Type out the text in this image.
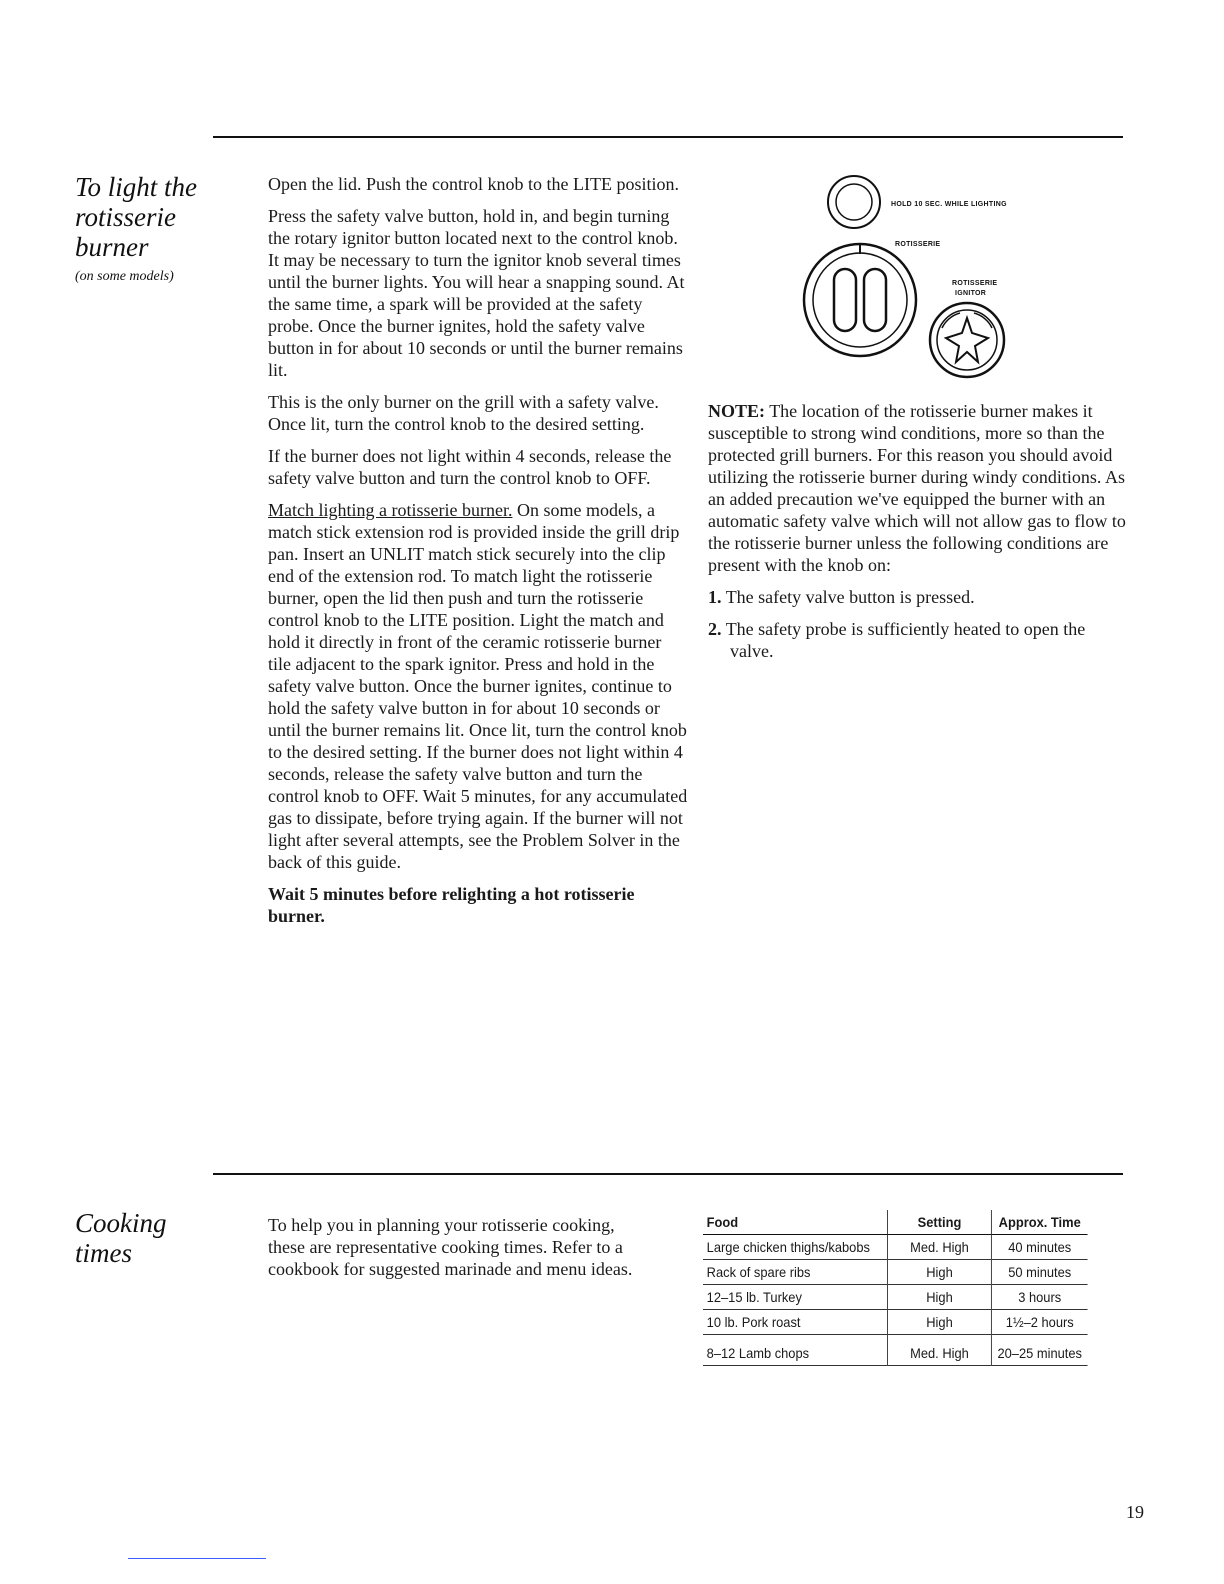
To light the
rotisserie
burner
(on some models)

Open the lid. Push the control knob to the LITE position.

Press the safety valve button, hold in, and begin turning the rotary ignitor button located next to the control knob. It may be necessary to turn the ignitor knob several times until the burner lights. You will hear a snapping sound. At the same time, a spark will be provided at the safety probe. Once the burner ignites, hold the safety valve button in for about 10 seconds or until the burner remains lit.

This is the only burner on the grill with a safety valve. Once lit, turn the control knob to the desired setting.

If the burner does not light within 4 seconds, release the safety valve button and turn the control knob to OFF.

Match lighting a rotisserie burner. On some models, a match stick extension rod is provided inside the grill drip pan. Insert an UNLIT match stick securely into the clip end of the extension rod. To match light the rotisserie burner, open the lid then push and turn the rotisserie control knob to the LITE position. Light the match and hold it directly in front of the ceramic rotisserie burner tile adjacent to the spark ignitor. Press and hold in the safety valve button. Once the burner ignites, continue to hold the safety valve button in for about 10 seconds or until the burner remains lit. Once lit, turn the control knob to the desired setting. If the burner does not light within 4 seconds, release the safety valve button and turn the control knob to OFF. Wait 5 minutes, for any accumulated gas to dissipate, before trying again. If the burner will not light after several attempts, see the Problem Solver in the back of this guide.

Wait 5 minutes before relighting a hot rotisserie burner.

HOLD 10 SEC. WHILE LIGHTING
ROTISSERIE
ROTISSERIE
IGNITOR

NOTE: The location of the rotisserie burner makes it susceptible to strong wind conditions, more so than the protected grill burners. For this reason you should avoid utilizing the rotisserie burner during windy conditions. As an added precaution we've equipped the burner with an automatic safety valve which will not allow gas to flow to the rotisserie burner unless the following conditions are present with the knob on:

1. The safety valve button is pressed.
2. The safety probe is sufficiently heated to open the valve.
Cooking
times

To help you in planning your rotisserie cooking, these are representative cooking times. Refer to a cookbook for suggested marinade and menu ideas.

Food	Setting	Approx. Time
Large chicken thighs/kabobs	Med. High	40 minutes
Rack of spare ribs	High	50 minutes
12–15 lb. Turkey	High	3 hours
10 lb. Pork roast	High	1½–2 hours
8–12 Lamb chops	Med. High	20–25 minutes
19
